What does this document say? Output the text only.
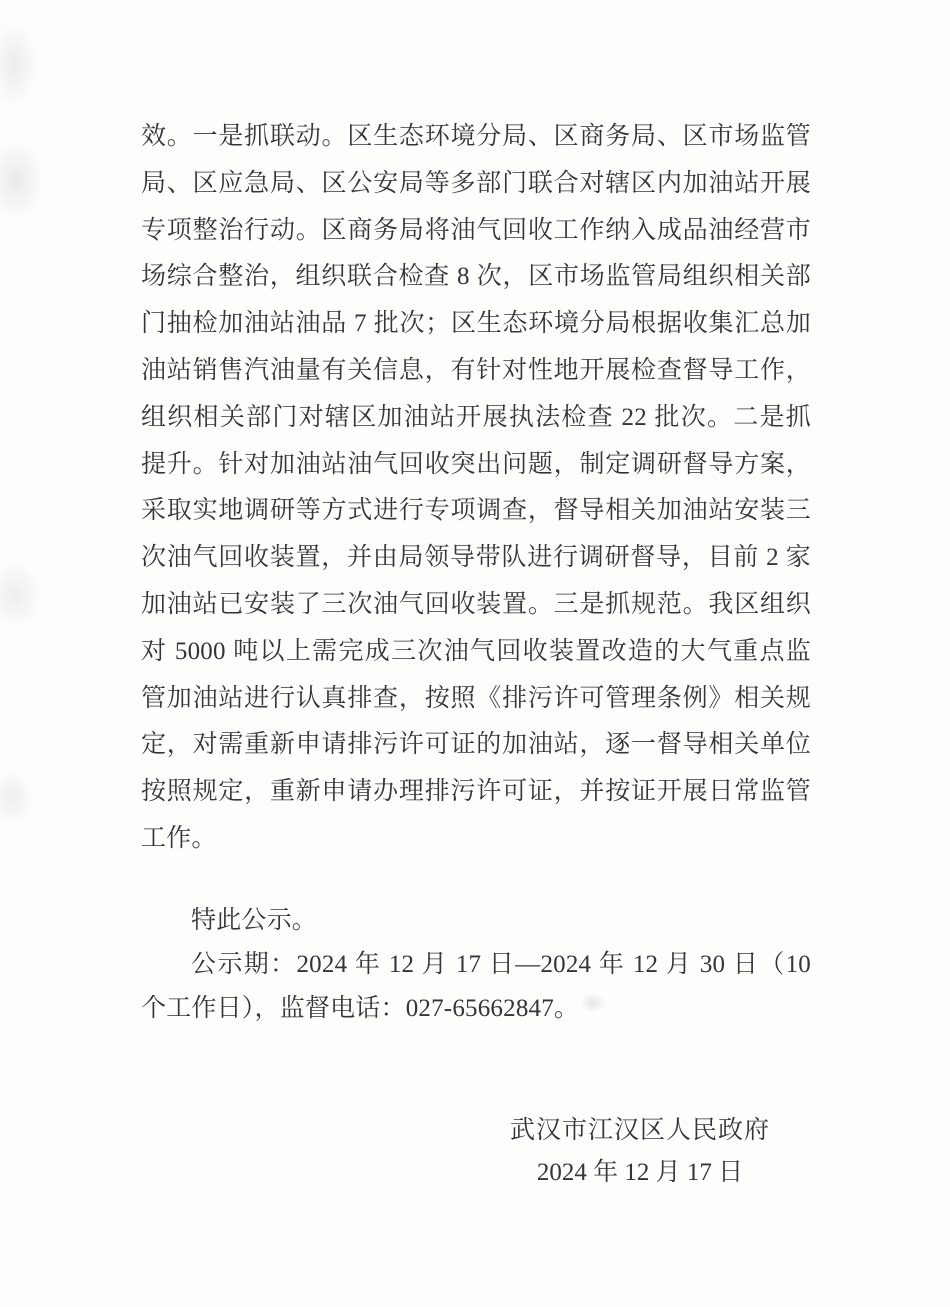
效。一是抓联动。区生态环境分局、区商务局、区市场监管
局、区应急局、区公安局等多部门联合对辖区内加油站开展
专项整治行动。区商务局将油气回收工作纳入成品油经营市
场综合整治，组织联合检查 8 次，区市场监管局组织相关部
门抽检加油站油品 7 批次；区生态环境分局根据收集汇总加
油站销售汽油量有关信息，有针对性地开展检查督导工作，
组织相关部门对辖区加油站开展执法检查 22 批次。二是抓
提升。针对加油站油气回收突出问题，制定调研督导方案，
采取实地调研等方式进行专项调查，督导相关加油站安装三
次油气回收装置，并由局领导带队进行调研督导，目前 2 家
加油站已安装了三次油气回收装置。三是抓规范。我区组织
对 5000 吨以上需完成三次油气回收装置改造的大气重点监
管加油站进行认真排查，按照《排污许可管理条例》相关规
定，对需重新申请排污许可证的加油站，逐一督导相关单位
按照规定，重新申请办理排污许可证，并按证开展日常监管
工作。
特此公示。
公示期：2024 年 12 月 17 日—2024 年 12 月 30 日（10
个工作日），监督电话：027-65662847。
武汉市江汉区人民政府
2024 年 12 月 17 日
